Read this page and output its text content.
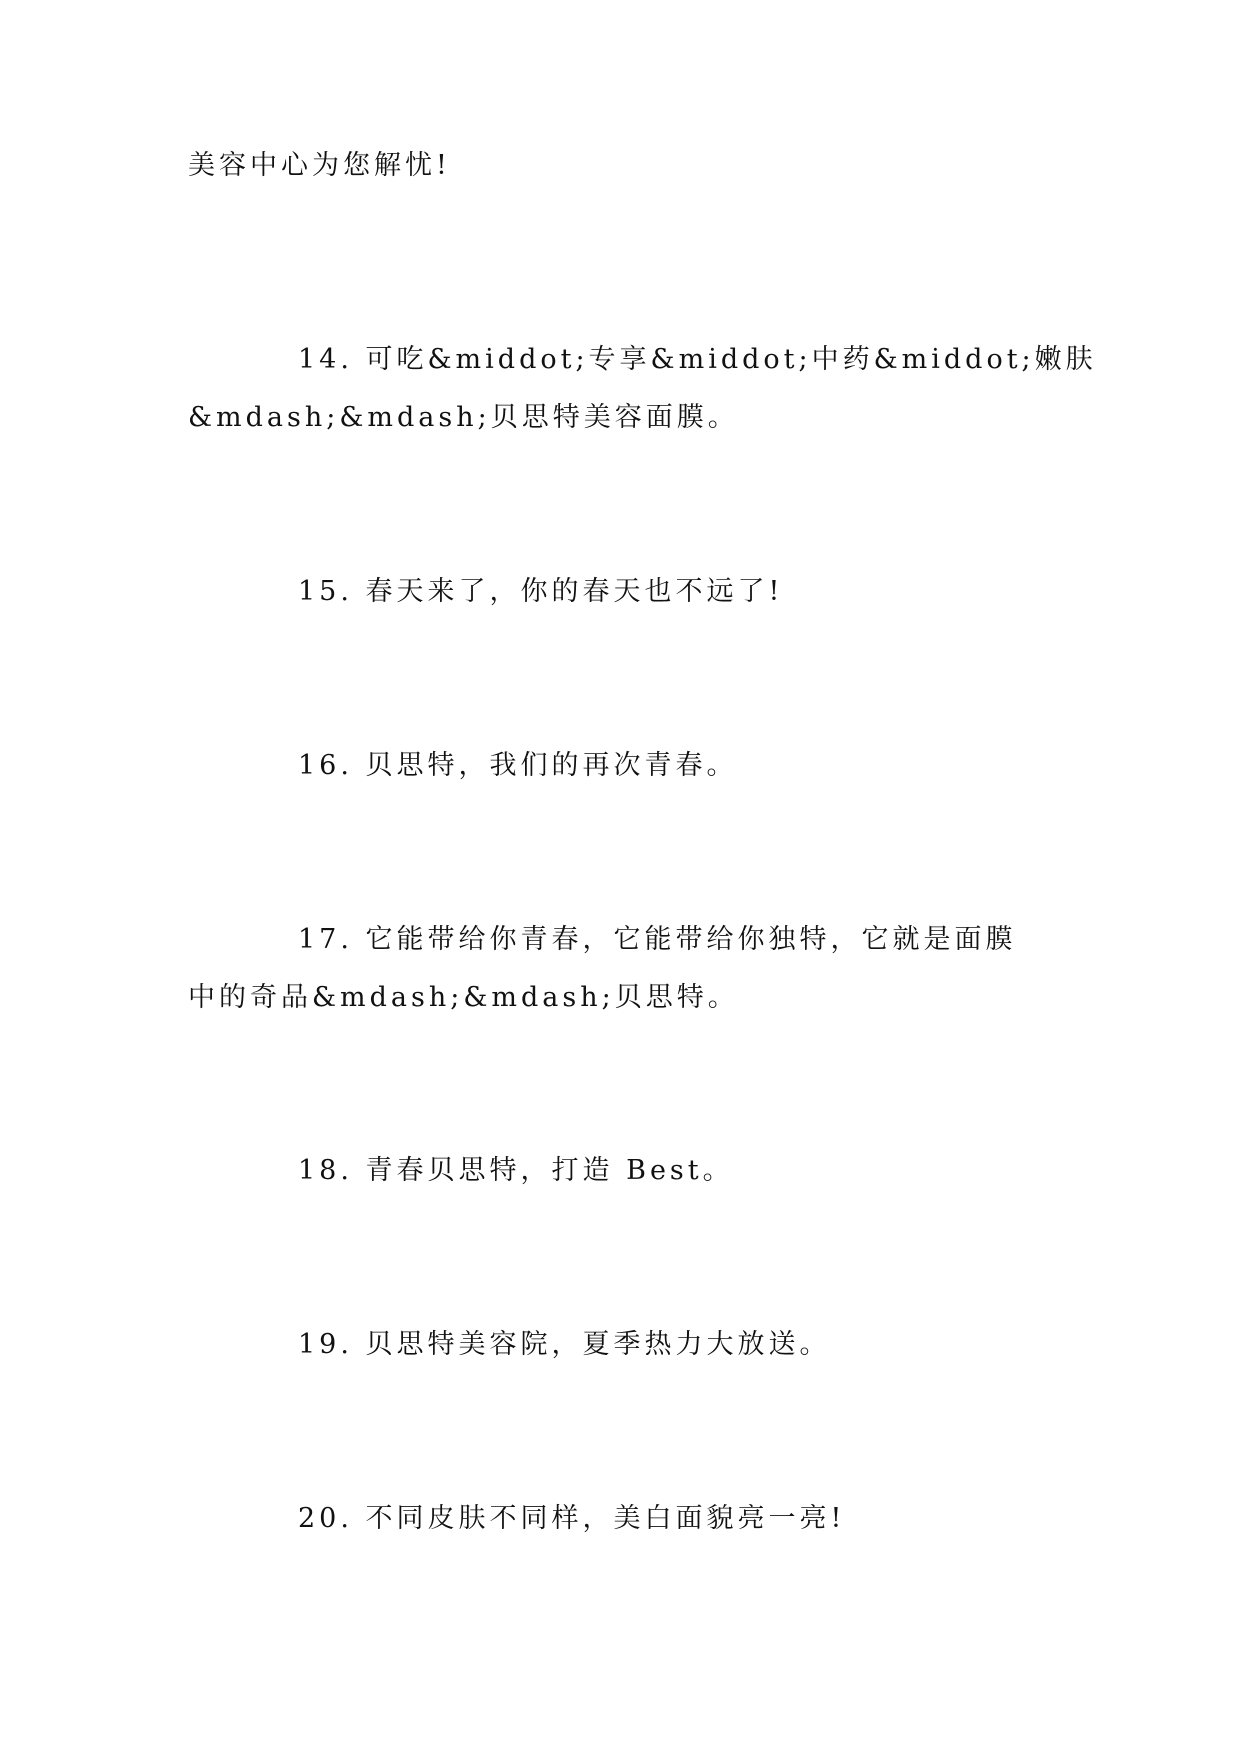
美容中心为您解忧!
14. 可吃&middot;专享&middot;中药&middot;嫩肤
&mdash;&mdash;贝思特美容面膜。
15. 春天来了，你的春天也不远了!
16. 贝思特，我们的再次青春。
17. 它能带给你青春，它能带给你独特，它就是面膜
中的奇品&mdash;&mdash;贝思特。
18. 青春贝思特，打造 Best。
19. 贝思特美容院，夏季热力大放送。
20. 不同皮肤不同样，美白面貌亮一亮!
